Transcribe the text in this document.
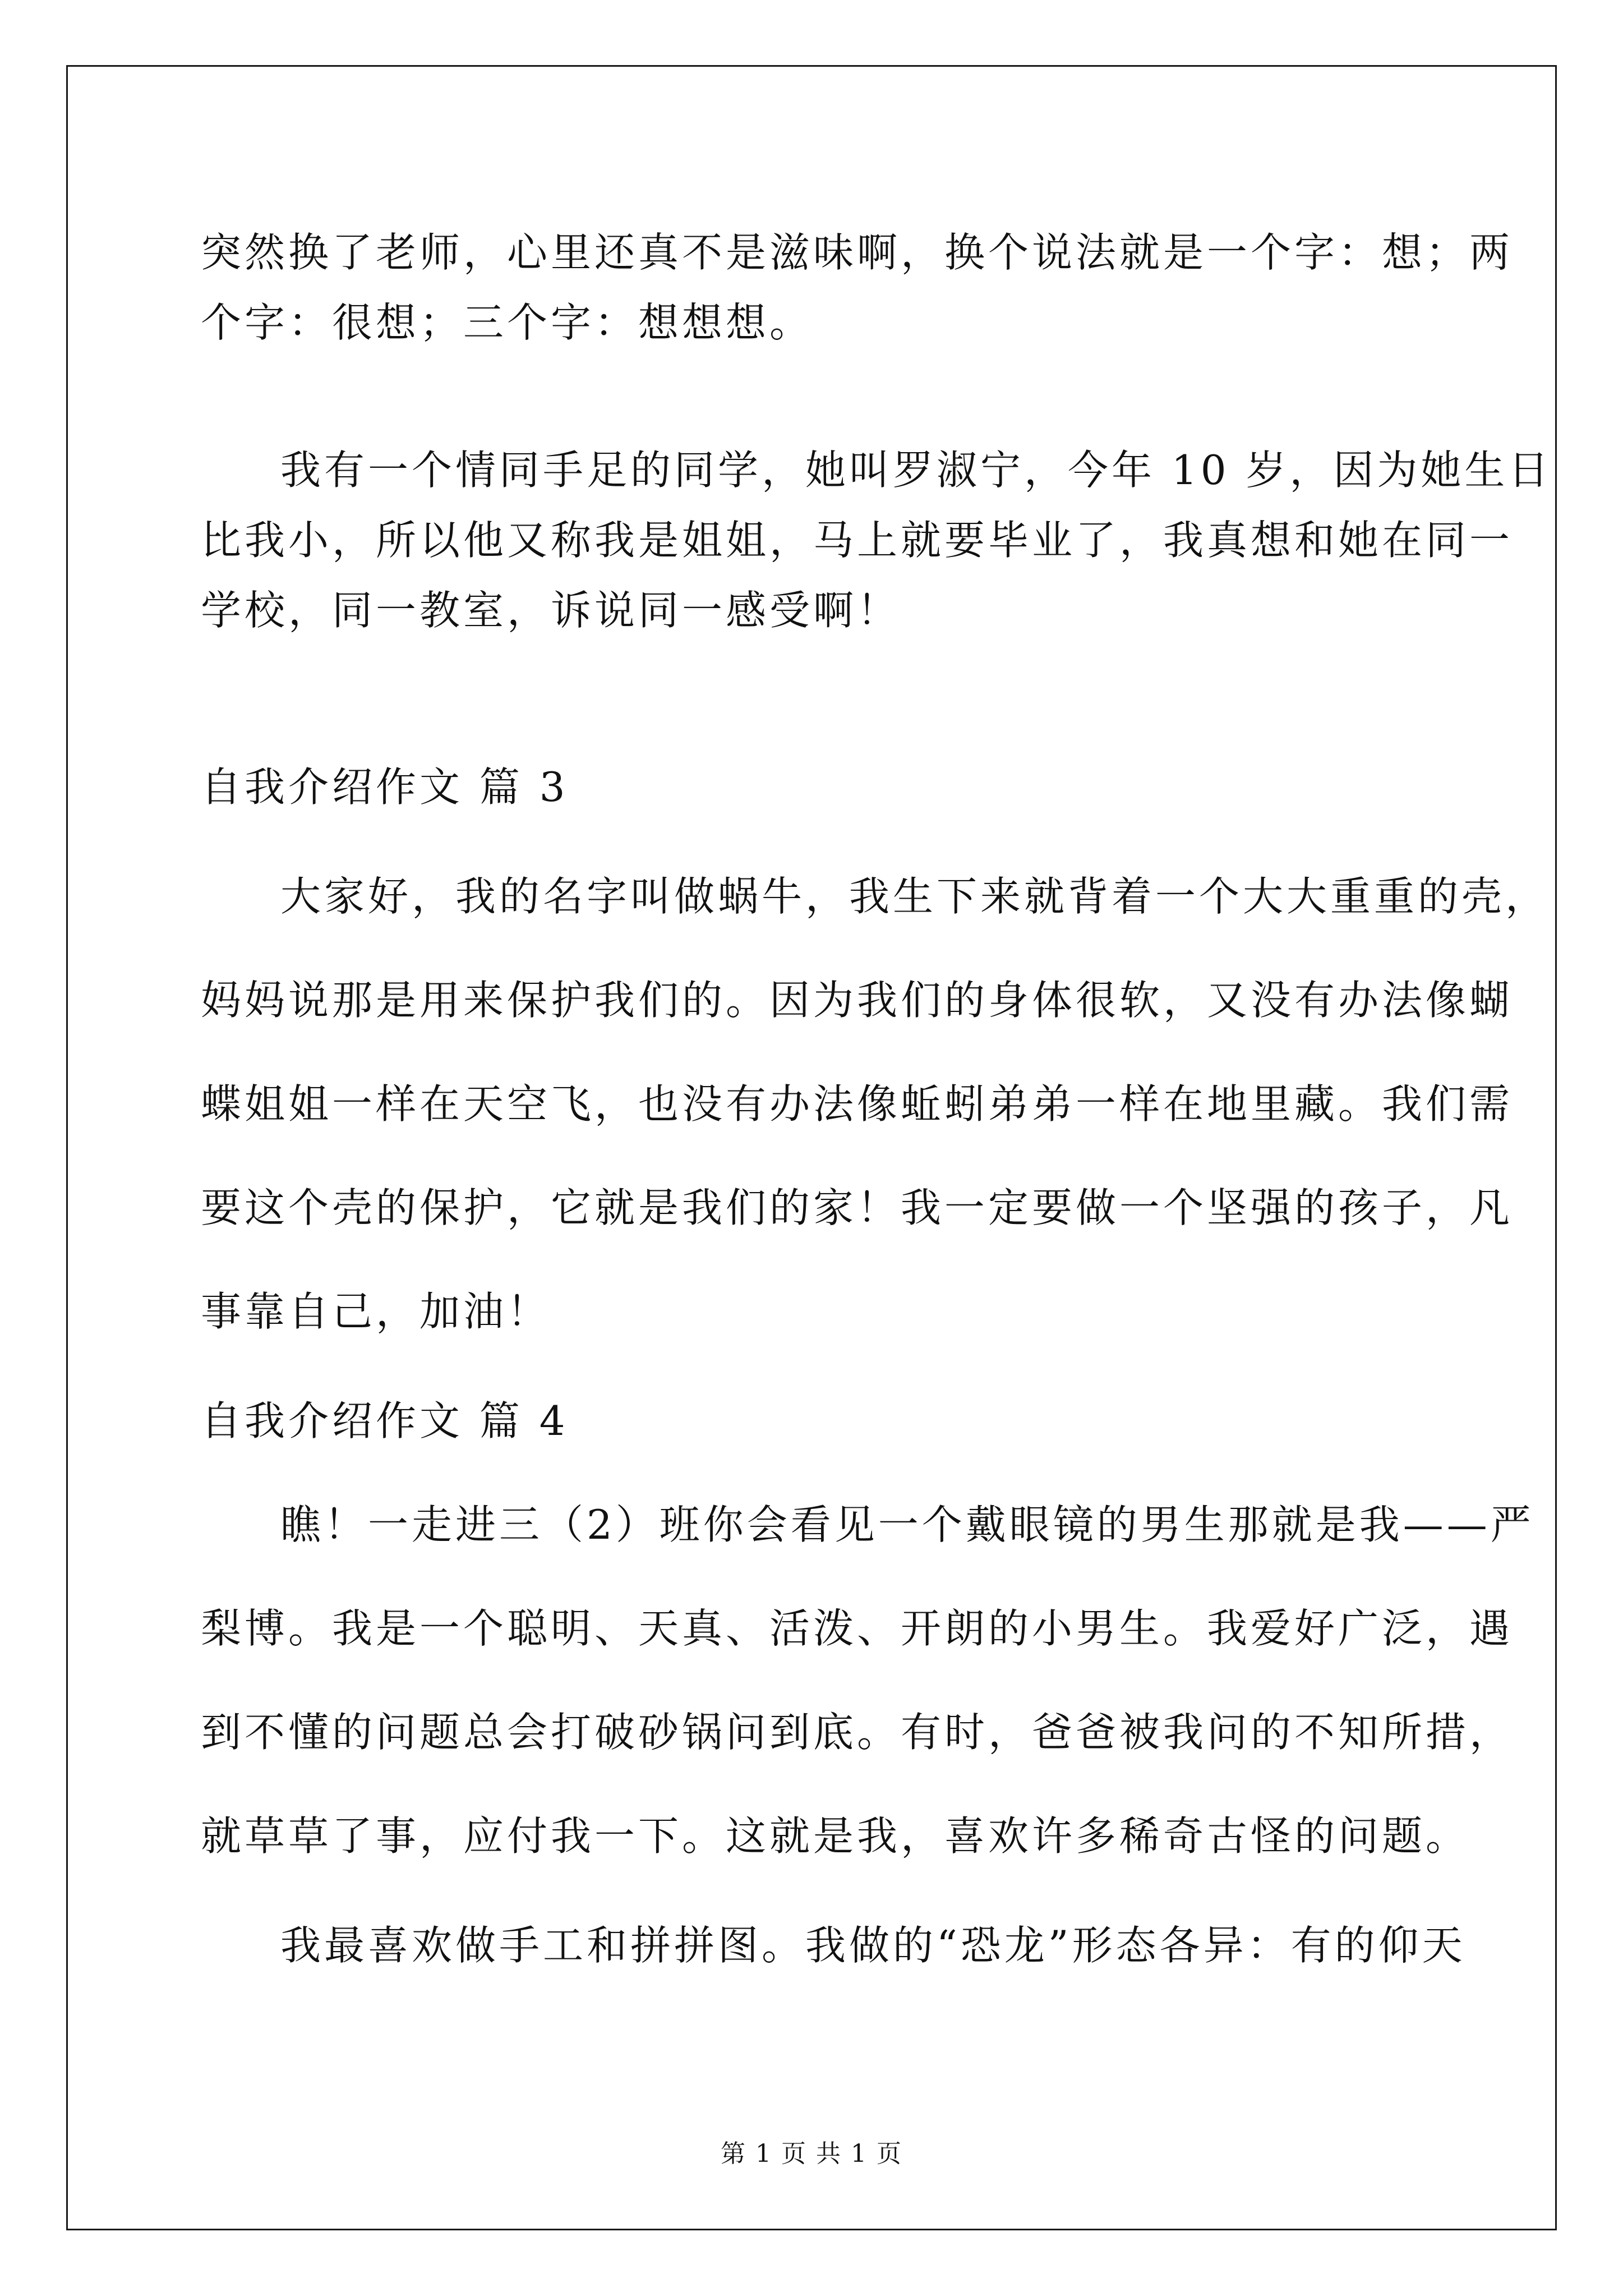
突然换了老师，心里还真不是滋味啊，换个说法就是一个字：想；两
个字：很想；三个字：想想想。
我有一个情同手足的同学，她叫罗淑宁，今年 10 岁，因为她生日
比我小，所以他又称我是姐姐，马上就要毕业了，我真想和她在同一
学校，同一教室，诉说同一感受啊！
自我介绍作文 篇 3
大家好，我的名字叫做蜗牛，我生下来就背着一个大大重重的壳，
妈妈说那是用来保护我们的。因为我们的身体很软，又没有办法像蝴
蝶姐姐一样在天空飞，也没有办法像蚯蚓弟弟一样在地里藏。我们需
要这个壳的保护，它就是我们的家！我一定要做一个坚强的孩子，凡
事靠自己，加油！
自我介绍作文 篇 4
瞧！一走进三（2）班你会看见一个戴眼镜的男生那就是我——严
梨博。我是一个聪明、天真、活泼、开朗的小男生。我爱好广泛，遇
到不懂的问题总会打破砂锅问到底。有时，爸爸被我问的不知所措，
就草草了事，应付我一下。这就是我，喜欢许多稀奇古怪的问题。
我最喜欢做手工和拼拼图。我做的“恐龙”形态各异：有的仰天
第 1 页 共 1 页
